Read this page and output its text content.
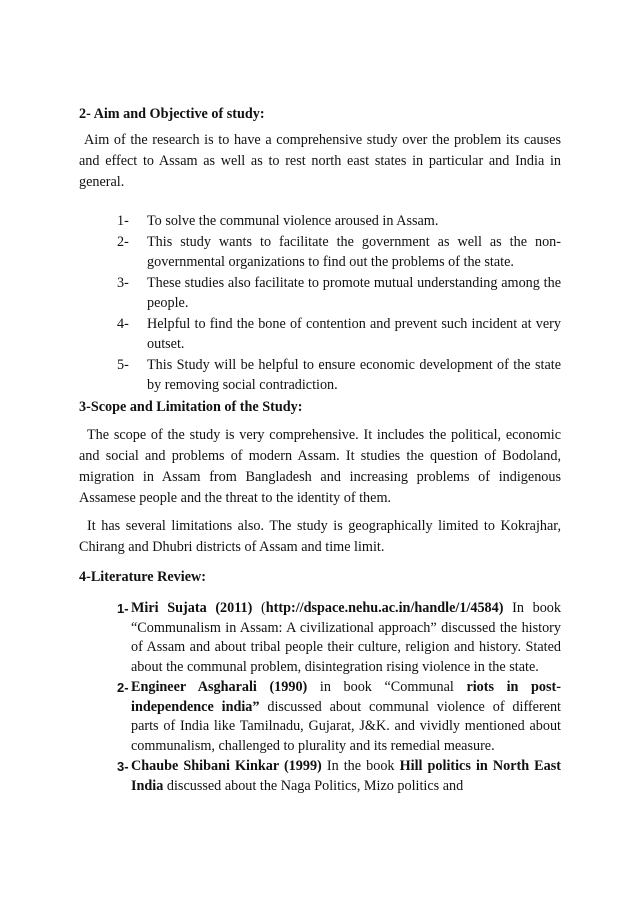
2- Aim and Objective of study:
Aim of the research is to have a comprehensive study over the problem its causes and effect to Assam as well as to rest north east states in particular and India in general.
1- To solve the communal violence aroused in Assam.
2- This study wants to facilitate the government as well as the non-governmental organizations to find out the problems of the state.
3- These studies also facilitate to promote mutual understanding among the people.
4- Helpful to find the bone of contention and prevent such incident at very outset.
5- This Study will be helpful to ensure economic development of the state by removing social contradiction.
3-Scope and Limitation of the Study:
The scope of the study is very comprehensive. It includes the political, economic and social and problems of modern Assam. It studies the question of Bodoland, migration in Assam from Bangladesh and increasing problems of indigenous Assamese people and the threat to the identity of them.
It has several limitations also. The study is geographically limited to Kokrajhar, Chirang and Dhubri districts of Assam and time limit.
4-Literature Review:
1- Miri Sujata (2011) (http://dspace.nehu.ac.in/handle/1/4584) In book “Communalism in Assam: A civilizational approach” discussed the history of Assam and about tribal people their culture, religion and history. Stated about the communal problem, disintegration rising violence in the state.
2- Engineer Asgharali (1990) in book “Communal riots in post-independence india” discussed about communal violence of different parts of India like Tamilnadu, Gujarat, J&K. and vividly mentioned about communalism, challenged to plurality and its remedial measure.
3- Chaube Shibani Kinkar (1999) In the book Hill politics in North East India discussed about the Naga Politics, Mizo politics and
